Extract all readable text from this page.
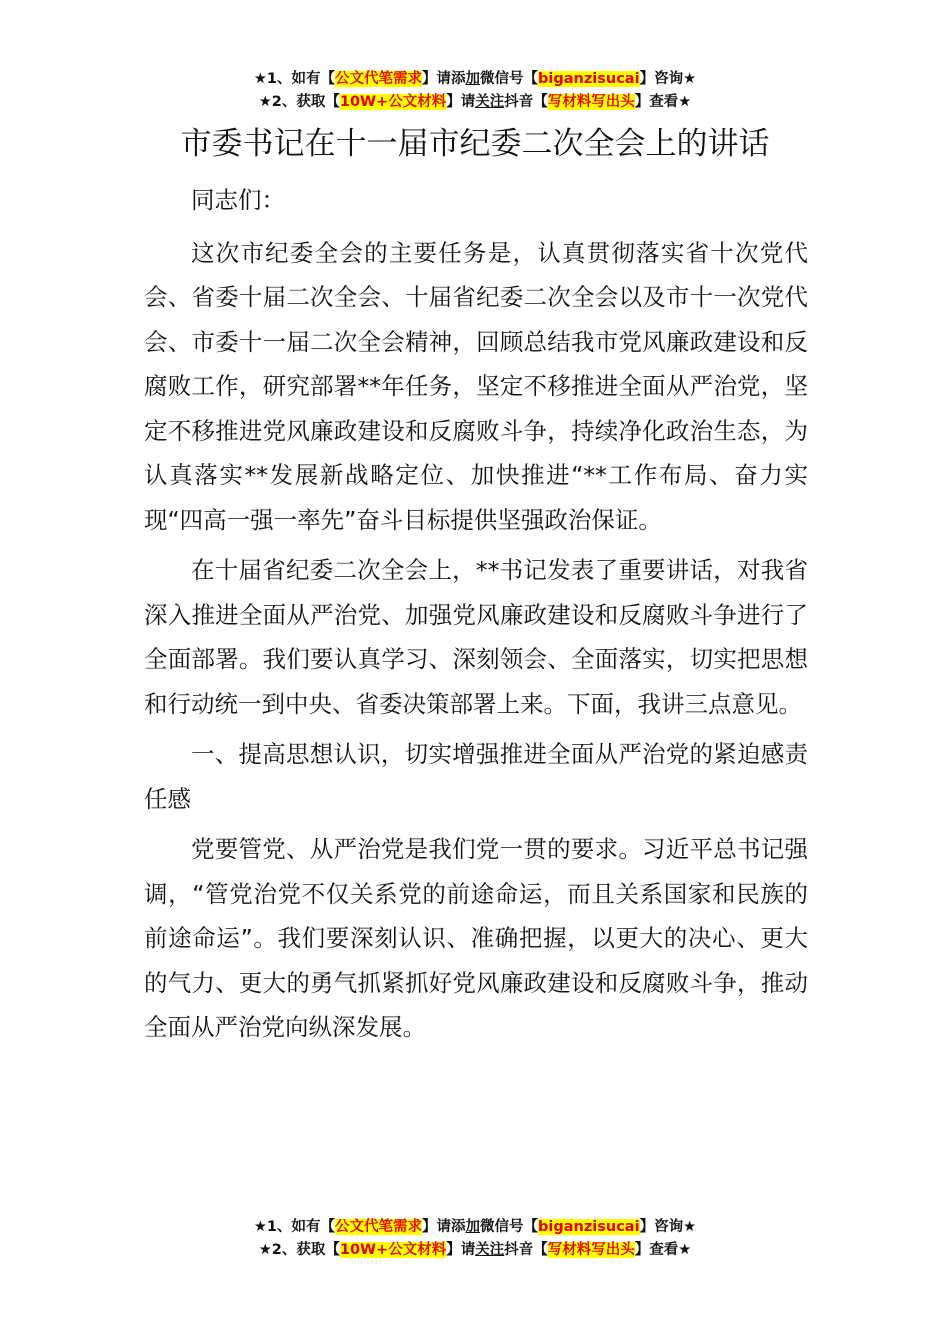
★1、如有【公文代笔需求】请添加微信号【biganzisucai】咨询★
★2、获取【10W+公文材料】请关注抖音【写材料写出头】查看★
市委书记在十一届市纪委二次全会上的讲话

同志们：

这次市纪委全会的主要任务是，认真贯彻落实省十次党代会、省委十届二次全会、十届省纪委二次全会以及市十一次党代会、市委十一届二次全会精神，回顾总结我市党风廉政建设和反腐败工作，研究部署**年任务，坚定不移推进全面从严治党，坚定不移推进党风廉政建设和反腐败斗争，持续净化政治生态，为认真落实**发展新战略定位、加快推进“**工作布局、奋力实现“四高一强一率先”奋斗目标提供坚强政治保证。

在十届省纪委二次全会上，**书记发表了重要讲话，对我省深入推进全面从严治党、加强党风廉政建设和反腐败斗争进行了全面部署。我们要认真学习、深刻领会、全面落实，切实把思想和行动统一到中央、省委决策部署上来。下面，我讲三点意见。

一、提高思想认识，切实增强推进全面从严治党的紧迫感责任感

党要管党、从严治党是我们党一贯的要求。习近平总书记强调，“管党治党不仅关系党的前途命运，而且关系国家和民族的前途命运”。我们要深刻认识、准确把握，以更大的决心、更大的气力、更大的勇气抓紧抓好党风廉政建设和反腐败斗争，推动全面从严治党向纵深发展。

★1、如有【公文代笔需求】请添加微信号【biganzisucai】咨询★
★2、获取【10W+公文材料】请关注抖音【写材料写出头】查看★
